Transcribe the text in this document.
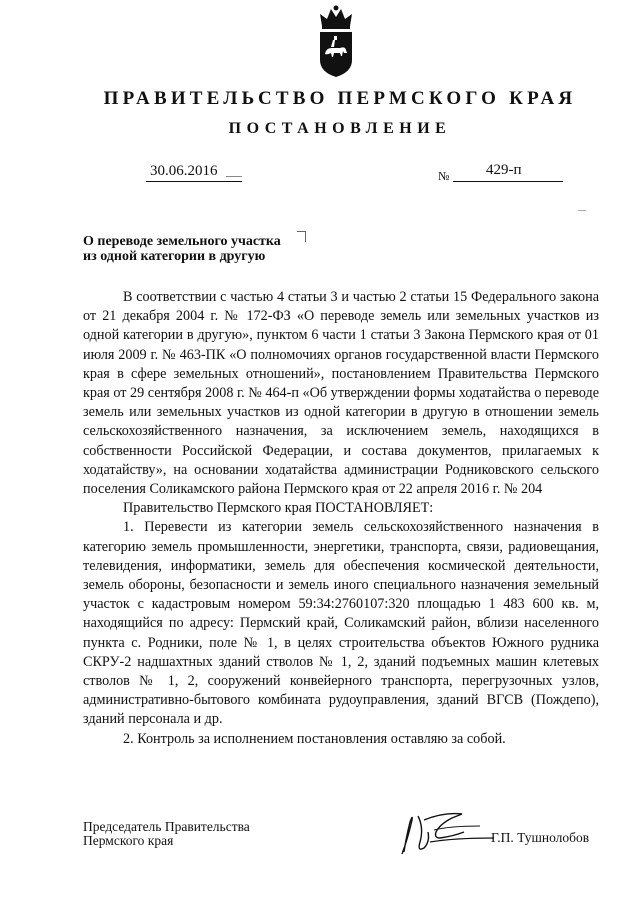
ПРАВИТЕЛЬСТВО ПЕРМСКОГО КРАЯ
ПОСТАНОВЛЕНИЕ
30.06.2016	№ 429-п
О переводе земельного участка
из одной категории в другую

В соответствии с частью 4 статьи 3 и частью 2 статьи 15 Федерального закона от 21 декабря 2004 г. № 172-ФЗ «О переводе земель или земельных участков из одной категории в другую», пунктом 6 части 1 статьи 3 Закона Пермского края от 01 июля 2009 г. № 463-ПК «О полномочиях органов государственной власти Пермского края в сфере земельных отношений», постановлением Правительства Пермского края от 29 сентября 2008 г. № 464-п «Об утверждении формы ходатайства о переводе земель или земельных участков из одной категории в другую в отношении земель сельскохозяйственного назначения, за исключением земель, находящихся в собственности Российской Федерации, и состава документов, прилагаемых к ходатайству», на основании ходатайства администрации Родниковского сельского поселения Соликамского района Пермского края от 22 апреля 2016 г. № 204

Правительство Пермского края ПОСТАНОВЛЯЕТ:

1. Перевести из категории земель сельскохозяйственного назначения в категорию земель промышленности, энергетики, транспорта, связи, радиовещания, телевидения, информатики, земель для обеспечения космической деятельности, земель обороны, безопасности и земель иного специального назначения земельный участок с кадастровым номером 59:34:2760107:320 площадью 1 483 600 кв. м, находящийся по адресу: Пермский край, Соликамский район, вблизи населенного пункта с. Родники, поле № 1, в целях строительства объектов Южного рудника СКРУ-2 надшахтных зданий стволов № 1, 2, зданий подъемных машин клетевых стволов № 1, 2, сооружений конвейерного транспорта, перегрузочных узлов, административно-бытового комбината рудоуправления, зданий ВГСВ (Пождепо), зданий персонала и др.

2. Контроль за исполнением постановления оставляю за собой.

Председатель Правительства
Пермского края	Г.П. Тушнолобов
